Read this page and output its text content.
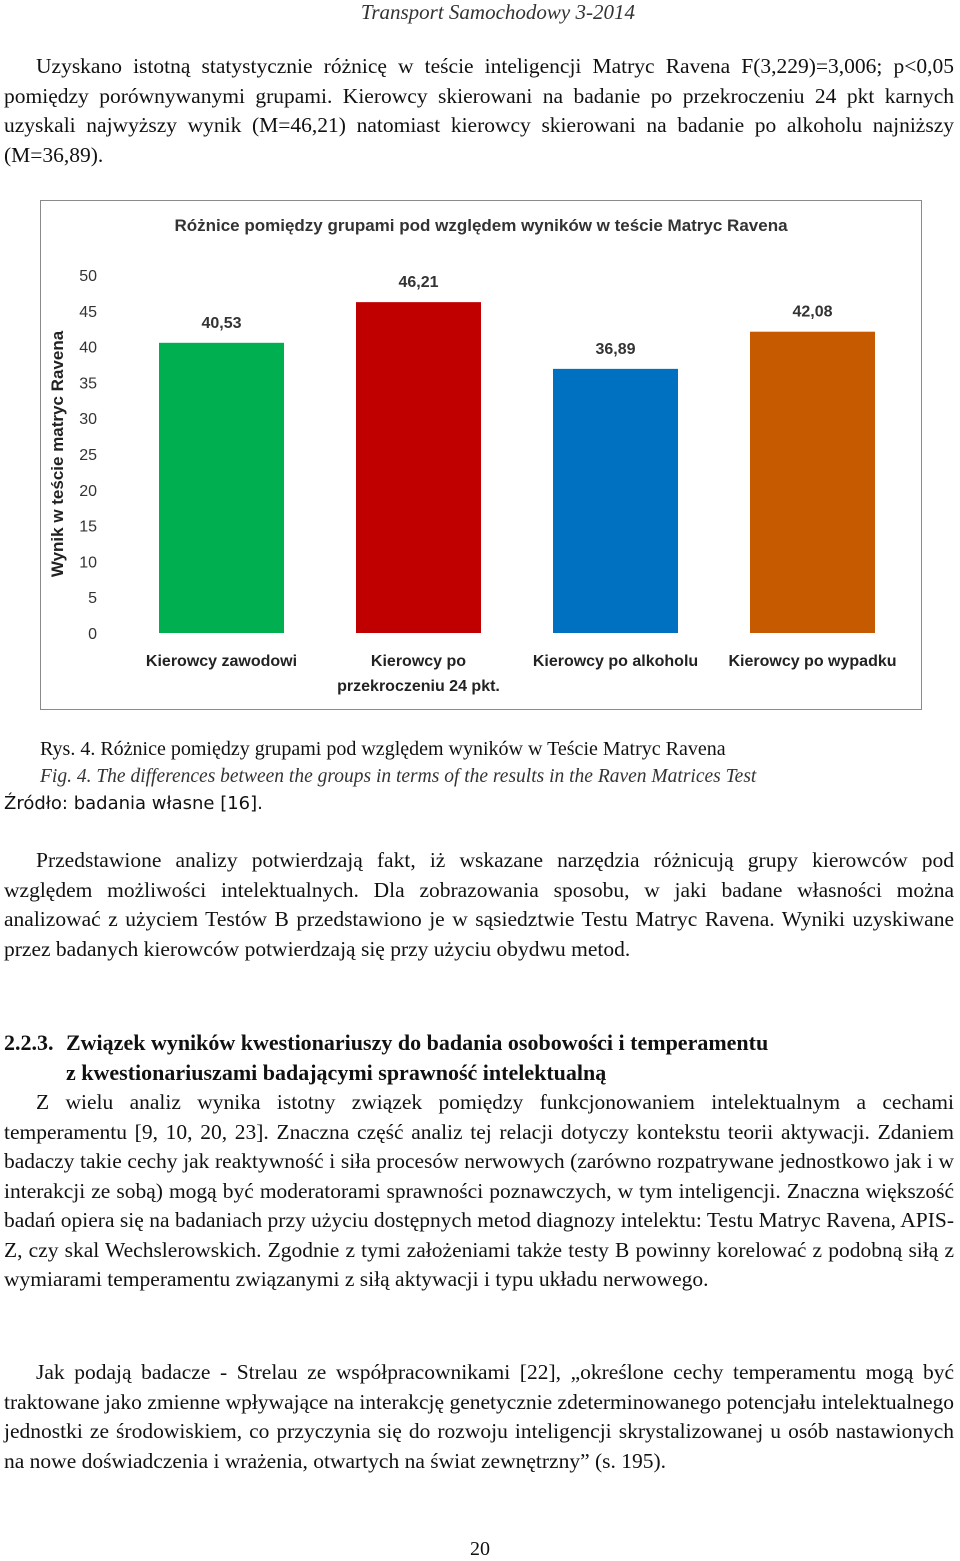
Transport Samochodowy 3-2014

Uzyskano istotną statystycznie różnicę w teście inteligencji Matryc Ravena F(3,229)=3,006; p<0,05 pomiędzy porównywanymi grupami. Kierowcy skierowani na badanie po przekroczeniu 24 pkt karnych uzyskali najwyższy wynik (M=46,21) natomiast kierowcy skierowani na badanie po alkoholu najniższy (M=36,89).

Różnice pomiędzy grupami pod względem wyników w teście Matryc Ravena
Wynik w teście matryc Ravena
0
5
10
15
20
25
30
35
40
45
50
40,53
Kierowcy zawodowi
46,21
Kierowcy po
przekroczeniu 24 pkt.
36,89
Kierowcy po alkoholu
42,08
Kierowcy po wypadku
Rys. 4. Różnice pomiędzy grupami pod względem wyników w Teście Matryc Ravena
Fig. 4. The differences between the groups in terms of the results in the Raven Matrices Test
Źródło: badania własne [16].

Przedstawione analizy potwierdzają fakt, iż wskazane narzędzia różnicują grupy kierowców pod względem możliwości intelektualnych. Dla zobrazowania sposobu, w jaki badane własności można analizować z użyciem Testów B przedstawiono je w sąsiedztwie Testu Matryc Ravena. Wyniki uzyskiwane przez badanych kierowców potwierdzają się przy użyciu obydwu metod.

2.2.3. Związek wyników kwestionariuszy do badania osobowości i temperamentu
z kwestionariuszami badającymi sprawność intelektualną

Z wielu analiz wynika istotny związek pomiędzy funkcjonowaniem intelektualnym a cechami temperamentu [9, 10, 20, 23]. Znaczna część analiz tej relacji dotyczy kontekstu teorii aktywacji. Zdaniem badaczy takie cechy jak reaktywność i siła procesów nerwowych (zarówno rozpatrywane jednostkowo jak i w interakcji ze sobą) mogą być moderatorami sprawności poznawczych, w tym inteligencji. Znaczna większość badań opiera się na badaniach przy użyciu dostępnych metod diagnozy intelektu: Testu Matryc Ravena, APIS-Z, czy skal Wechslerowskich. Zgodnie z tymi założeniami także testy B powinny korelować z podobną siłą z wymiarami temperamentu związanymi z siłą aktywacji i typu układu nerwowego.

Jak podają badacze - Strelau ze współpracownikami [22], „określone cechy temperamentu mogą być traktowane jako zmienne wpływające na interakcję genetycznie zdeterminowanego potencjału intelektualnego jednostki ze środowiskiem, co przyczynia się do rozwoju inteligencji skrystalizowanej u osób nastawionych na nowe doświadczenia i wrażenia, otwartych na świat zewnętrzny” (s. 195).

20
